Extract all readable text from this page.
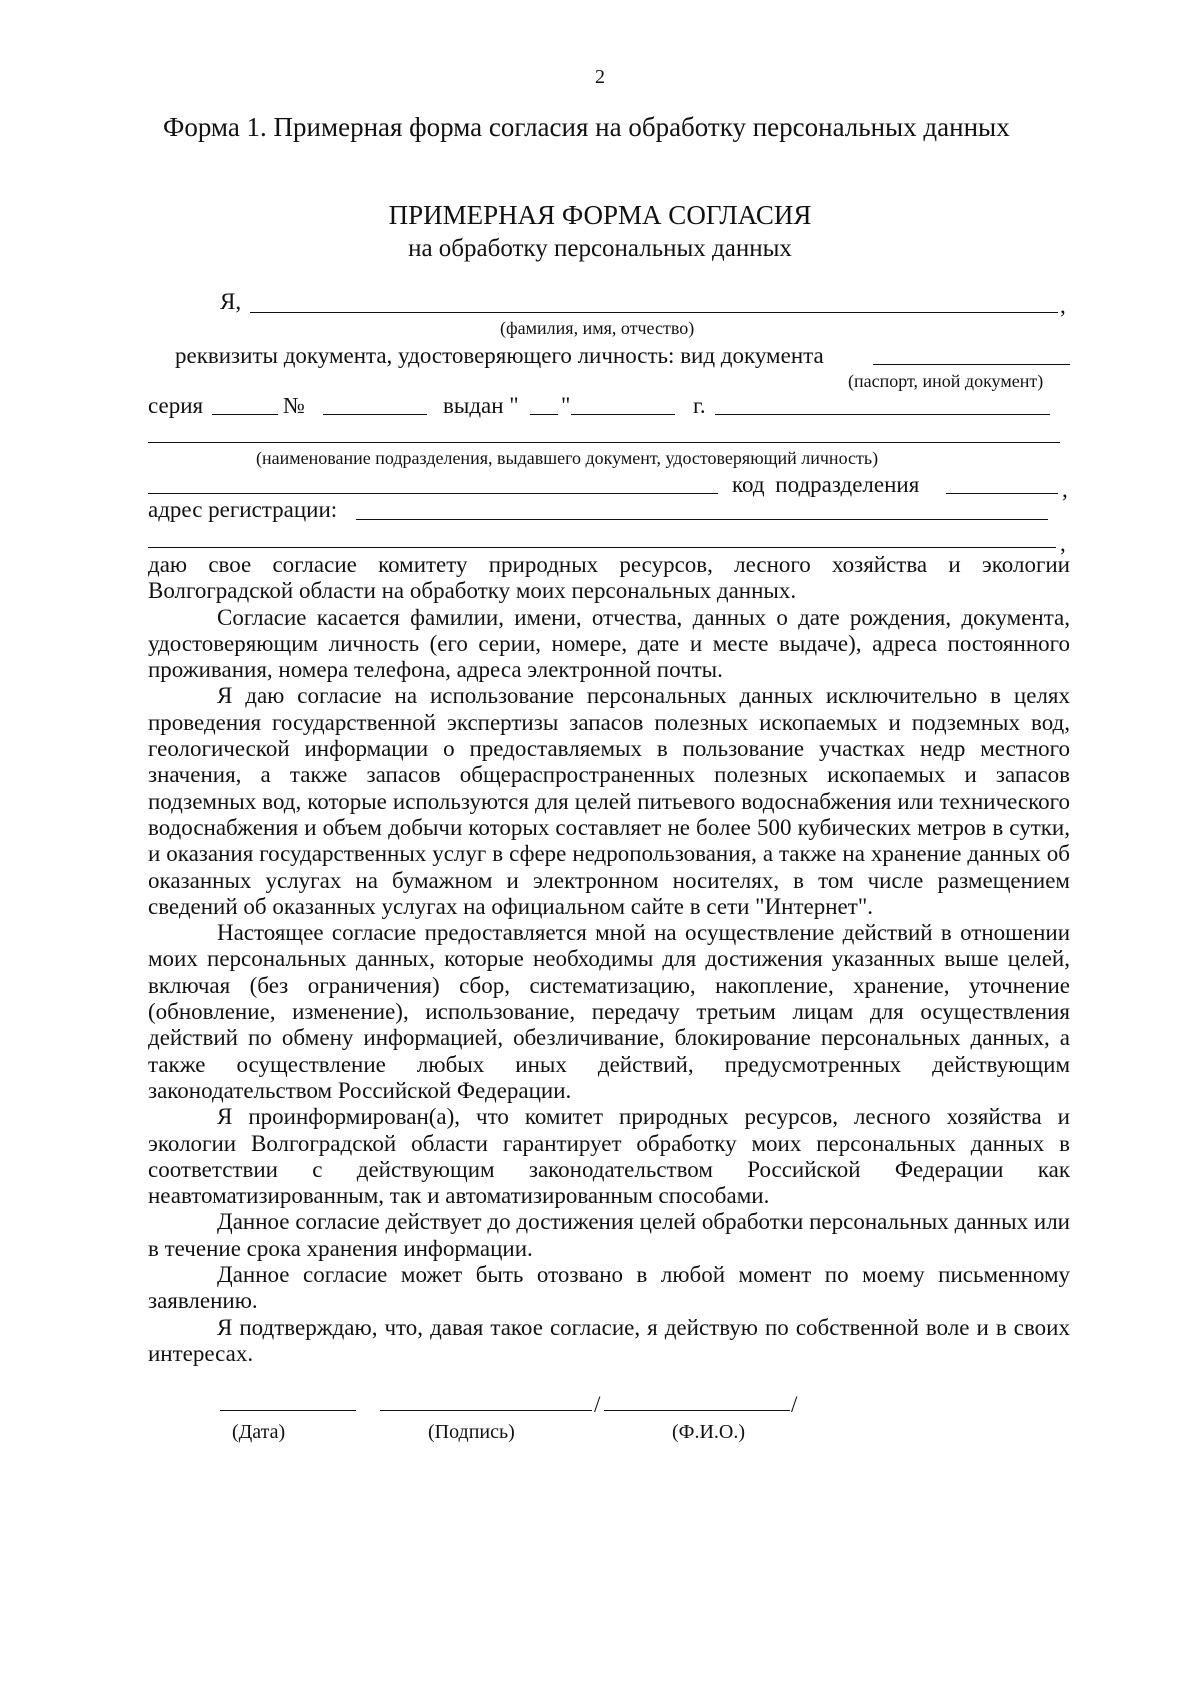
2
Форма 1. Примерная форма согласия на обработку персональных данных
ПРИМЕРНАЯ ФОРМА СОГЛАСИЯ
на обработку персональных данных
Я,	,
(фамилия, имя, отчество)
реквизиты документа, удостоверяющего личность: вид документа
(паспорт, иной документ)
серия	№	выдан " "	г.
(наименование подразделения, выдавшего документ, удостоверяющий личность)
код подразделения	,
адрес регистрации:
,

даю свое согласие комитету природных ресурсов, лесного хозяйства и экологии Волгоградской области на обработку моих персональных данных.

Согласие касается фамилии, имени, отчества, данных о дате рождения, документа, удостоверяющим личность (его серии, номере, дате и месте выдаче), адреса постоянного проживания, номера телефона, адреса электронной почты.

Я даю согласие на использование персональных данных исключительно в целях проведения государственной экспертизы запасов полезных ископаемых и подземных вод, геологической информации о предоставляемых в пользование участках недр местного значения, а также запасов общераспространенных полезных ископаемых и запасов подземных вод, которые используются для целей питьевого водоснабжения или технического водоснабжения и объем добычи которых составляет не более 500 кубических метров в сутки, и оказания государственных услуг в сфере недропользования, а также на хранение данных об оказанных услугах на бумажном и электронном носителях, в том числе размещением сведений об оказанных услугах на официальном сайте в сети "Интернет".

Настоящее согласие предоставляется мной на осуществление действий в отношении моих персональных данных, которые необходимы для достижения указанных выше целей, включая (без ограничения) сбор, систематизацию, накопление, хранение, уточнение (обновление, изменение), использование, передачу третьим лицам для осуществления действий по обмену информацией, обезличивание, блокирование персональных данных, а также осуществление любых иных действий, предусмотренных действующим законодательством Российской Федерации.

Я проинформирован(а), что комитет природных ресурсов, лесного хозяйства и экологии Волгоградской области гарантирует обработку моих персональных данных в соответствии с действующим законодательством Российской Федерации как неавтоматизированным, так и автоматизированным способами.

Данное согласие действует до достижения целей обработки персональных данных или в течение срока хранения информации.

Данное согласие может быть отозвано в любой момент по моему письменному заявлению.

Я подтверждаю, что, давая такое согласие, я действую по собственной воле и в своих интересах.

/	/
(Дата)	(Подпись)	(Ф.И.О.)
